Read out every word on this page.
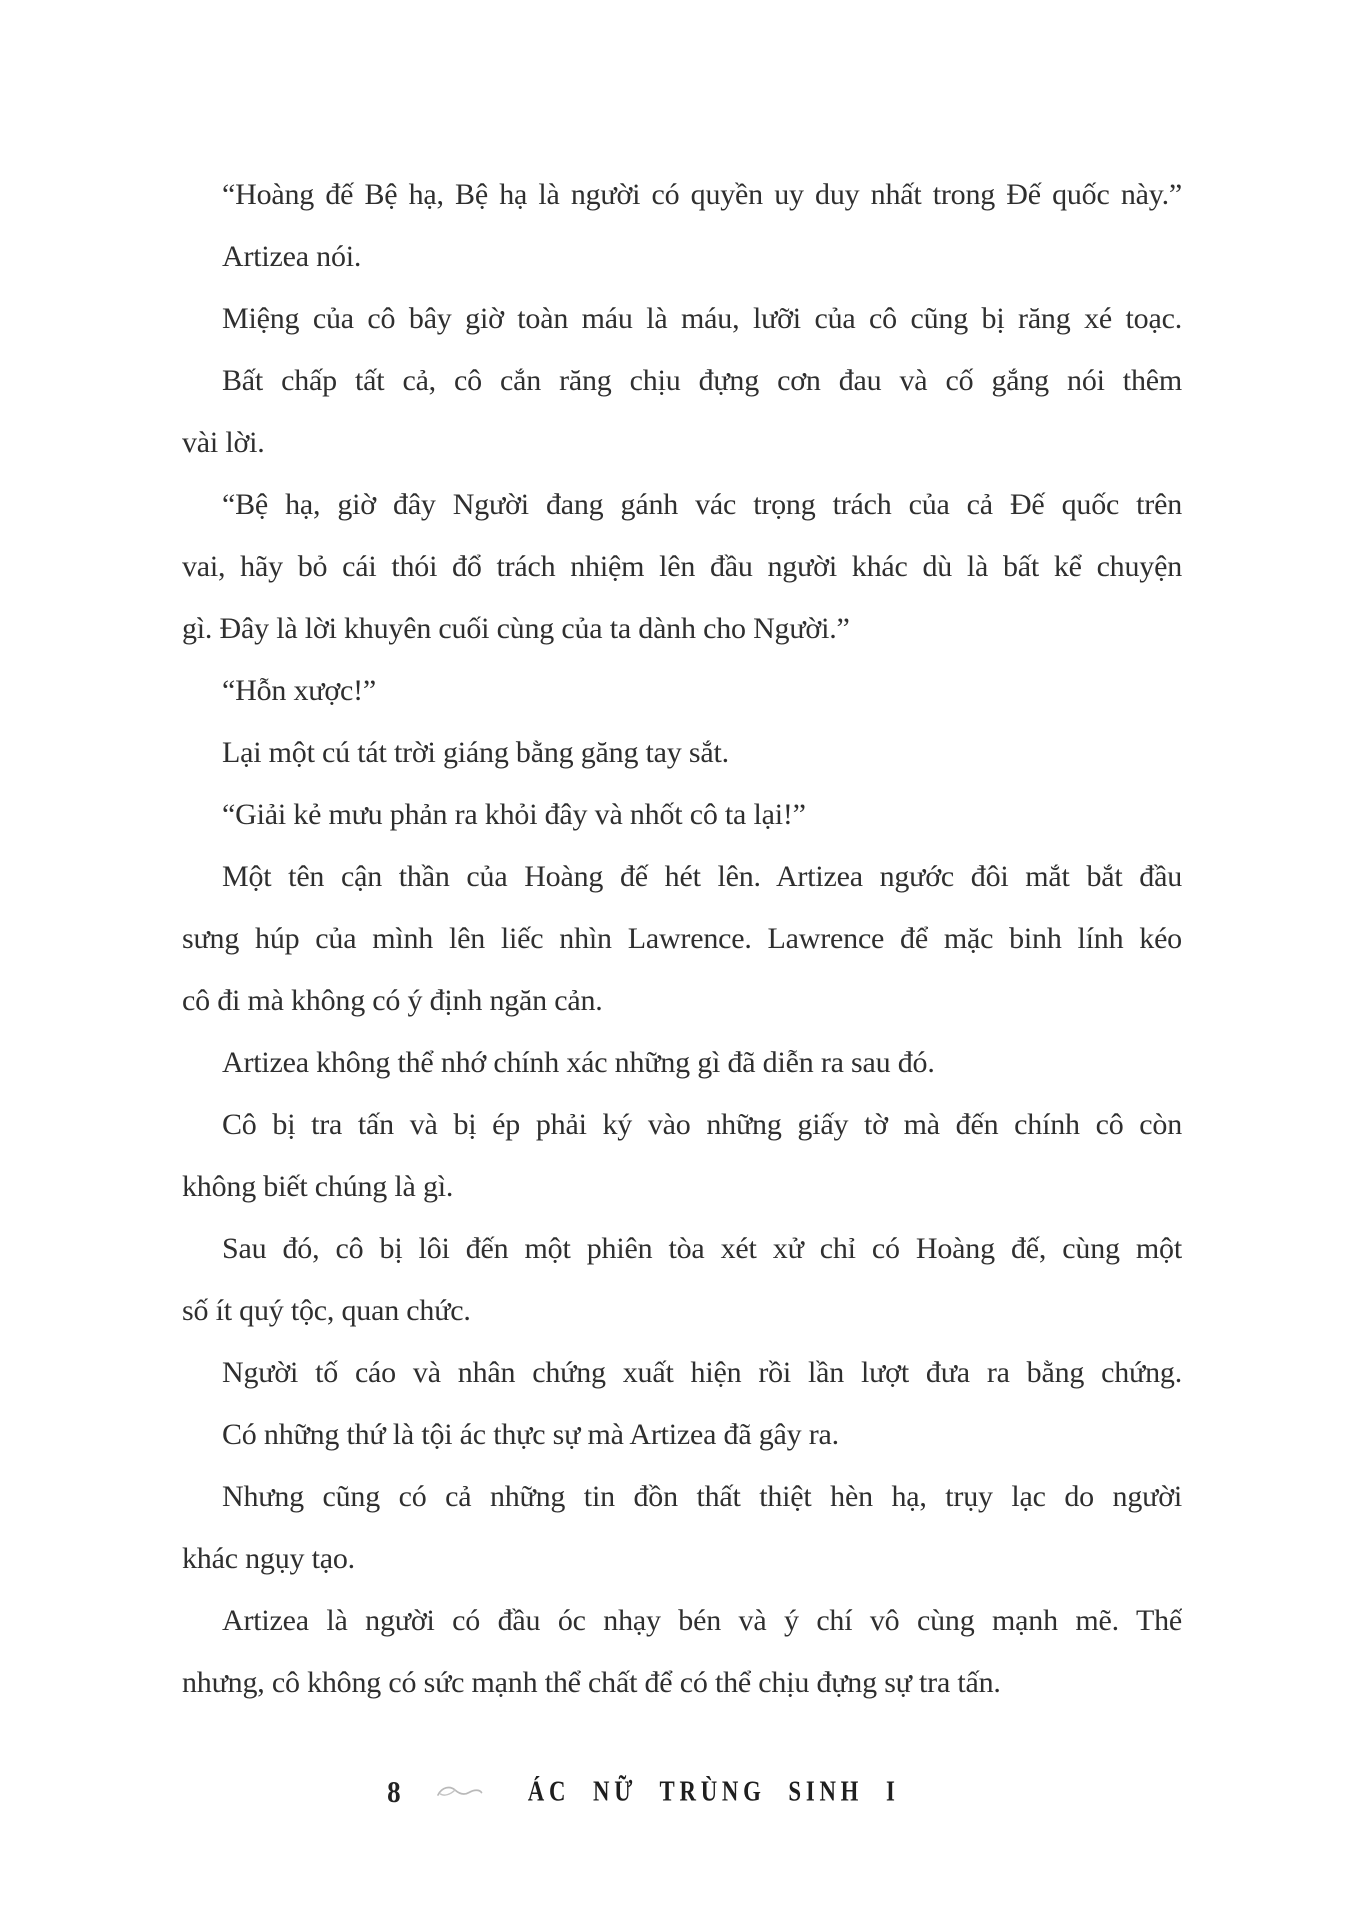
“Hoàng đế Bệ hạ, Bệ hạ là người có quyền uy duy nhất trong Đế quốc này.”
Artizea nói.
Miệng của cô bây giờ toàn máu là máu, lưỡi của cô cũng bị răng xé toạc.
Bất chấp tất cả, cô cắn răng chịu đựng cơn đau và cố gắng nói thêm
vài lời.
“Bệ hạ, giờ đây Người đang gánh vác trọng trách của cả Đế quốc trên
vai, hãy bỏ cái thói đổ trách nhiệm lên đầu người khác dù là bất kể chuyện
gì. Đây là lời khuyên cuối cùng của ta dành cho Người.”
“Hỗn xược!”
Lại một cú tát trời giáng bằng găng tay sắt.
“Giải kẻ mưu phản ra khỏi đây và nhốt cô ta lại!”
Một tên cận thần của Hoàng đế hét lên. Artizea ngước đôi mắt bắt đầu
sưng húp của mình lên liếc nhìn Lawrence. Lawrence để mặc binh lính kéo
cô đi mà không có ý định ngăn cản.
Artizea không thể nhớ chính xác những gì đã diễn ra sau đó.
Cô bị tra tấn và bị ép phải ký vào những giấy tờ mà đến chính cô còn
không biết chúng là gì.
Sau đó, cô bị lôi đến một phiên tòa xét xử chỉ có Hoàng đế, cùng một
số ít quý tộc, quan chức.
Người tố cáo và nhân chứng xuất hiện rồi lần lượt đưa ra bằng chứng.
Có những thứ là tội ác thực sự mà Artizea đã gây ra.
Nhưng cũng có cả những tin đồn thất thiệt hèn hạ, trụy lạc do người
khác ngụy tạo.
Artizea là người có đầu óc nhạy bén và ý chí vô cùng mạnh mẽ. Thế
nhưng, cô không có sức mạnh thể chất để có thể chịu đựng sự tra tấn.
8	ÁC NỮ TRÙNG SINH I
